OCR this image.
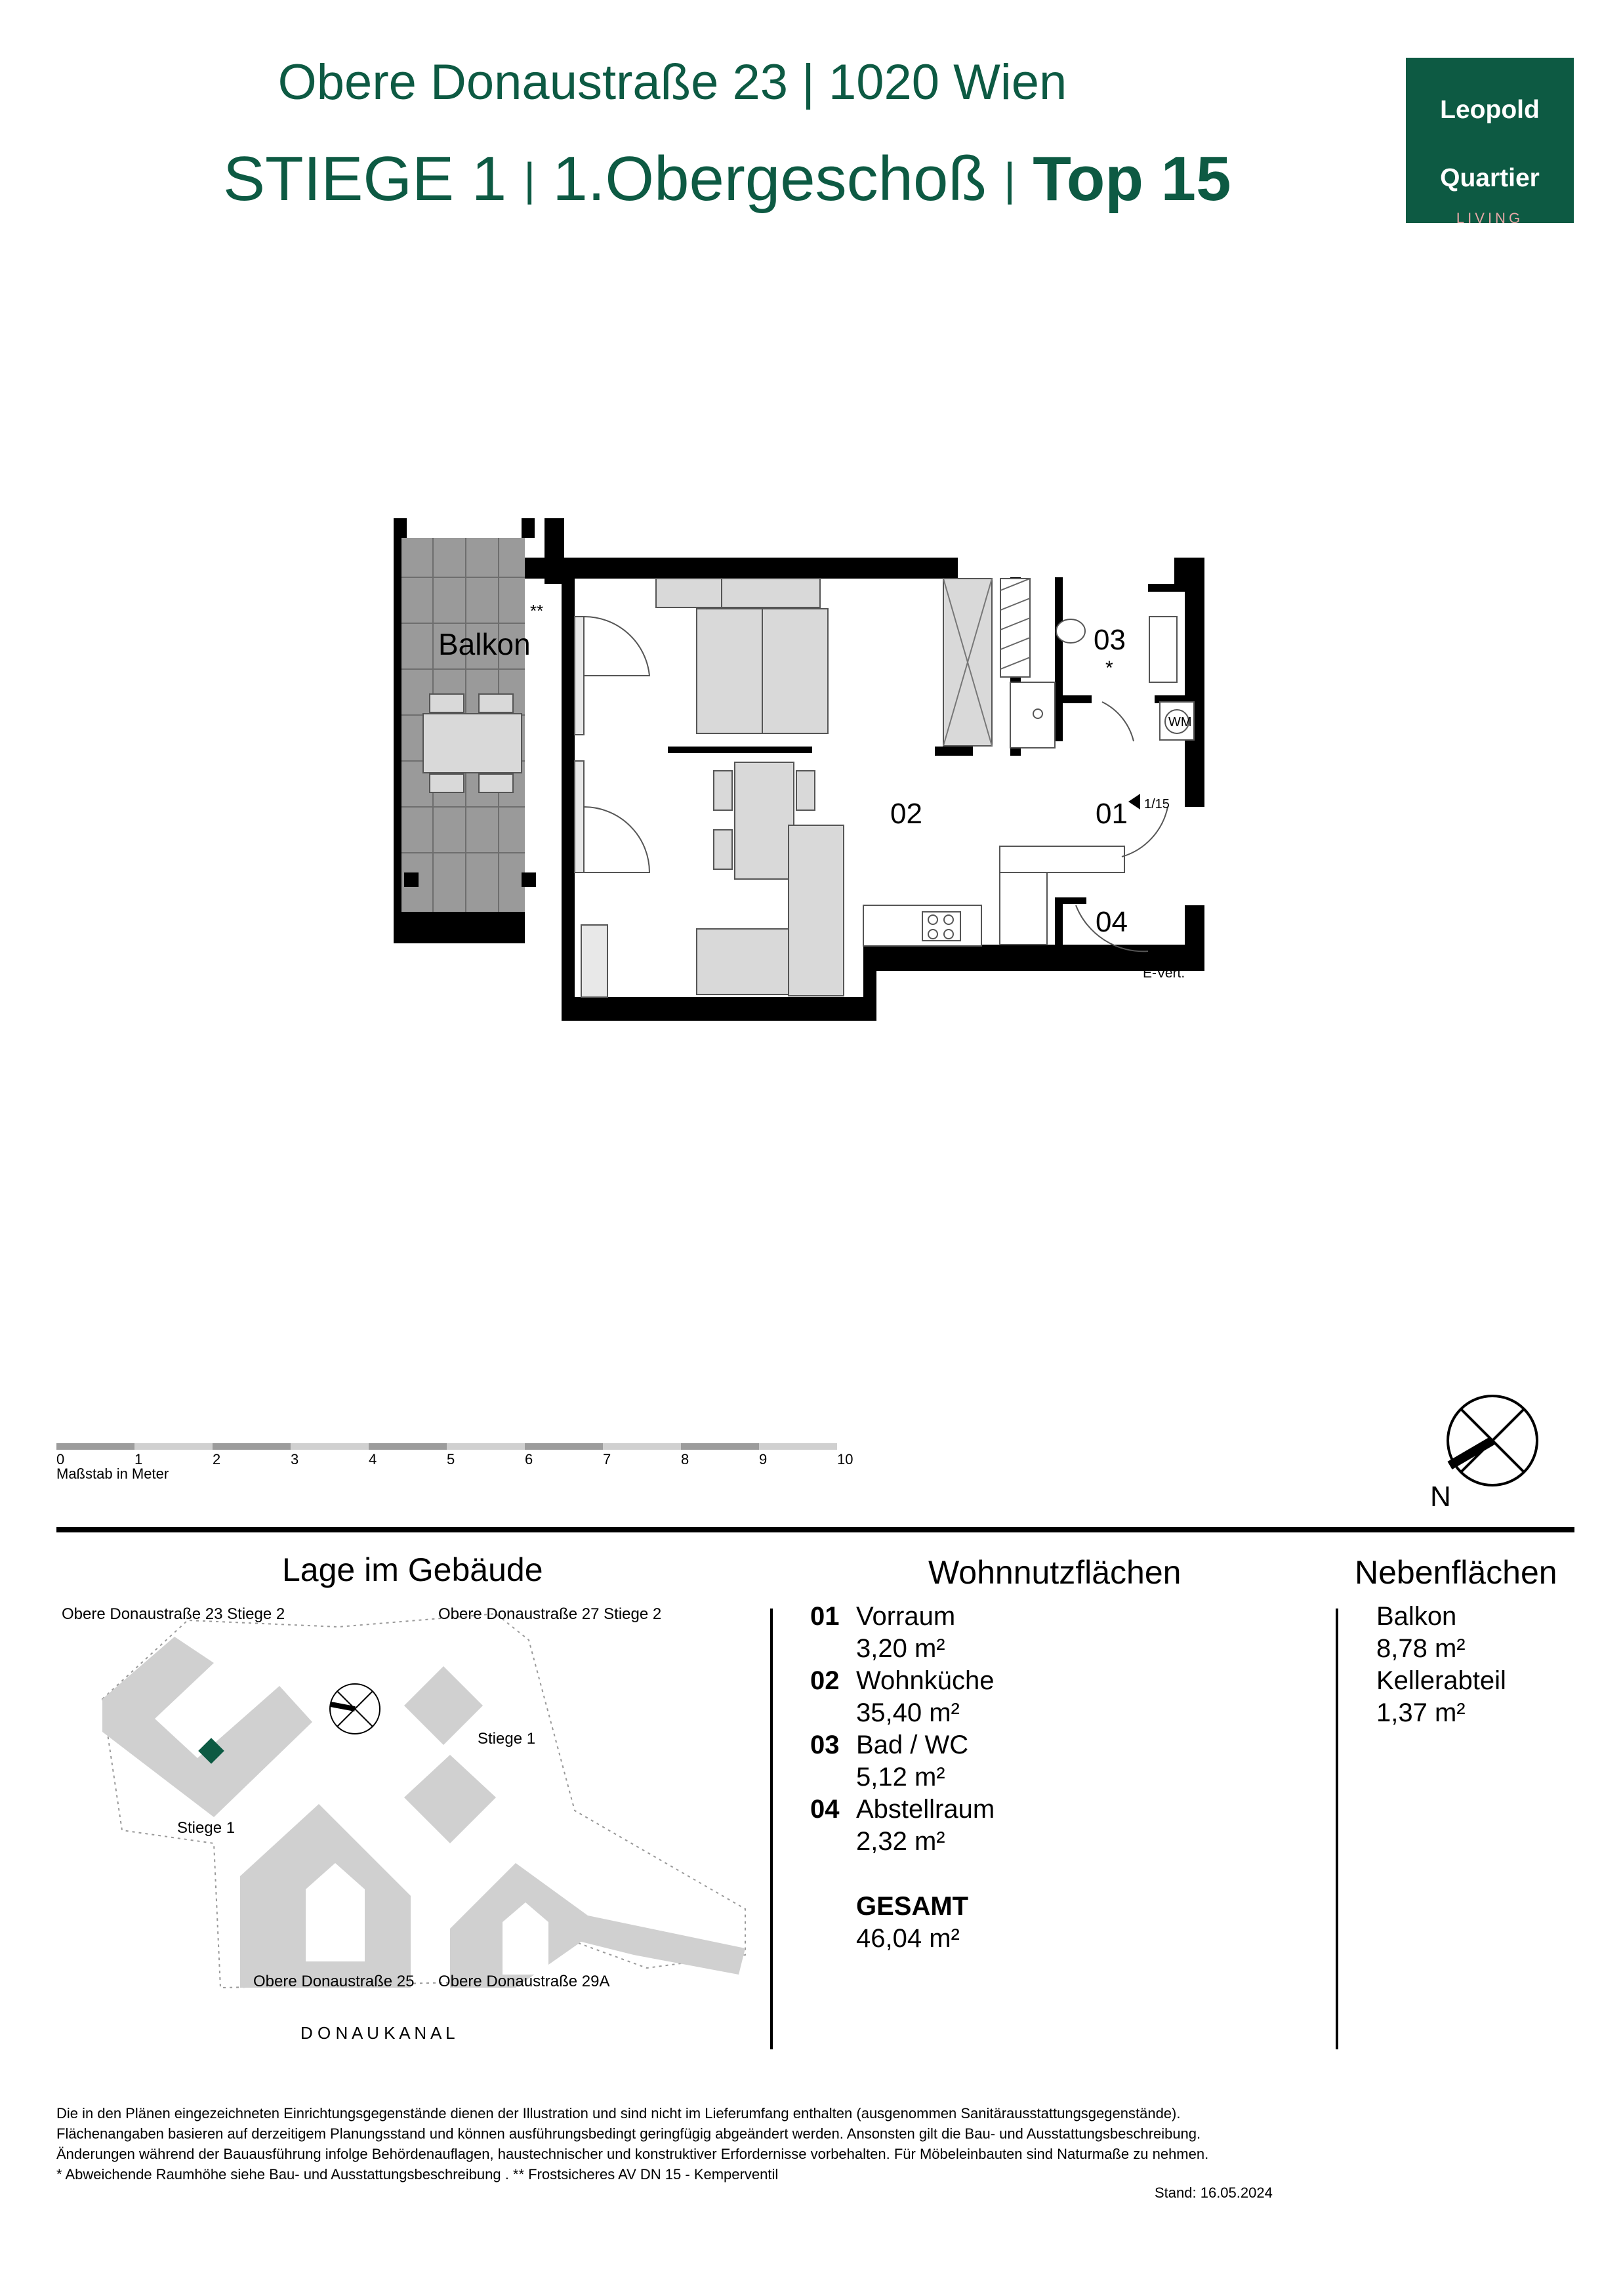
Obere Donaustraße 23 | 1020 Wien
STIEGE 1 | 1.Obergeschoß | Top 15
Leopold
Quartier
LIVING
Balkon
**
WM
01
02
03
04
*
1/15
FBH-Vert.
E-Vert.
0	1	2	3	4	5	6	7	8	9	10
Maßstab in Meter
N
Lage im Gebäude	Wohnnutzflächen	Nebenflächen
01 Vorraum
3,20 m²
02 Wohnküche
35,40 m²
03 Bad / WC
5,12 m²
04 Abstellraum
2,32 m²
GESAMT
46,04 m²
Balkon
8,78 m²
Kellerabteil
1,37 m²
Obere Donaustraße 23 Stiege 2	Obere Donaustraße 27 Stiege 2
Stiege 1
Stiege 1
Obere Donaustraße 25 Obere Donaustraße 29A
D O N A U K A N A L
Die in den Plänen eingezeichneten Einrichtungsgegenstände dienen der Illustration und sind nicht im Lieferumfang enthalten (ausgenommen Sanitärausstattungsgegenstände).
Flächenangaben basieren auf derzeitigem Planungsstand und können ausführungsbedingt geringfügig abgeändert werden. Ansonsten gilt die Bau- und Ausstattungsbeschreibung.
Änderungen während der Bauausführung infolge Behördenauflagen, haustechnischer und konstruktiver Erfordernisse vorbehalten. Für Möbeleinbauten sind Naturmaße zu nehmen.
* Abweichende Raumhöhe siehe Bau- und Ausstattungsbeschreibung . ** Frostsicheres AV DN 15 - Kemperventil
Stand: 16.05.2024
